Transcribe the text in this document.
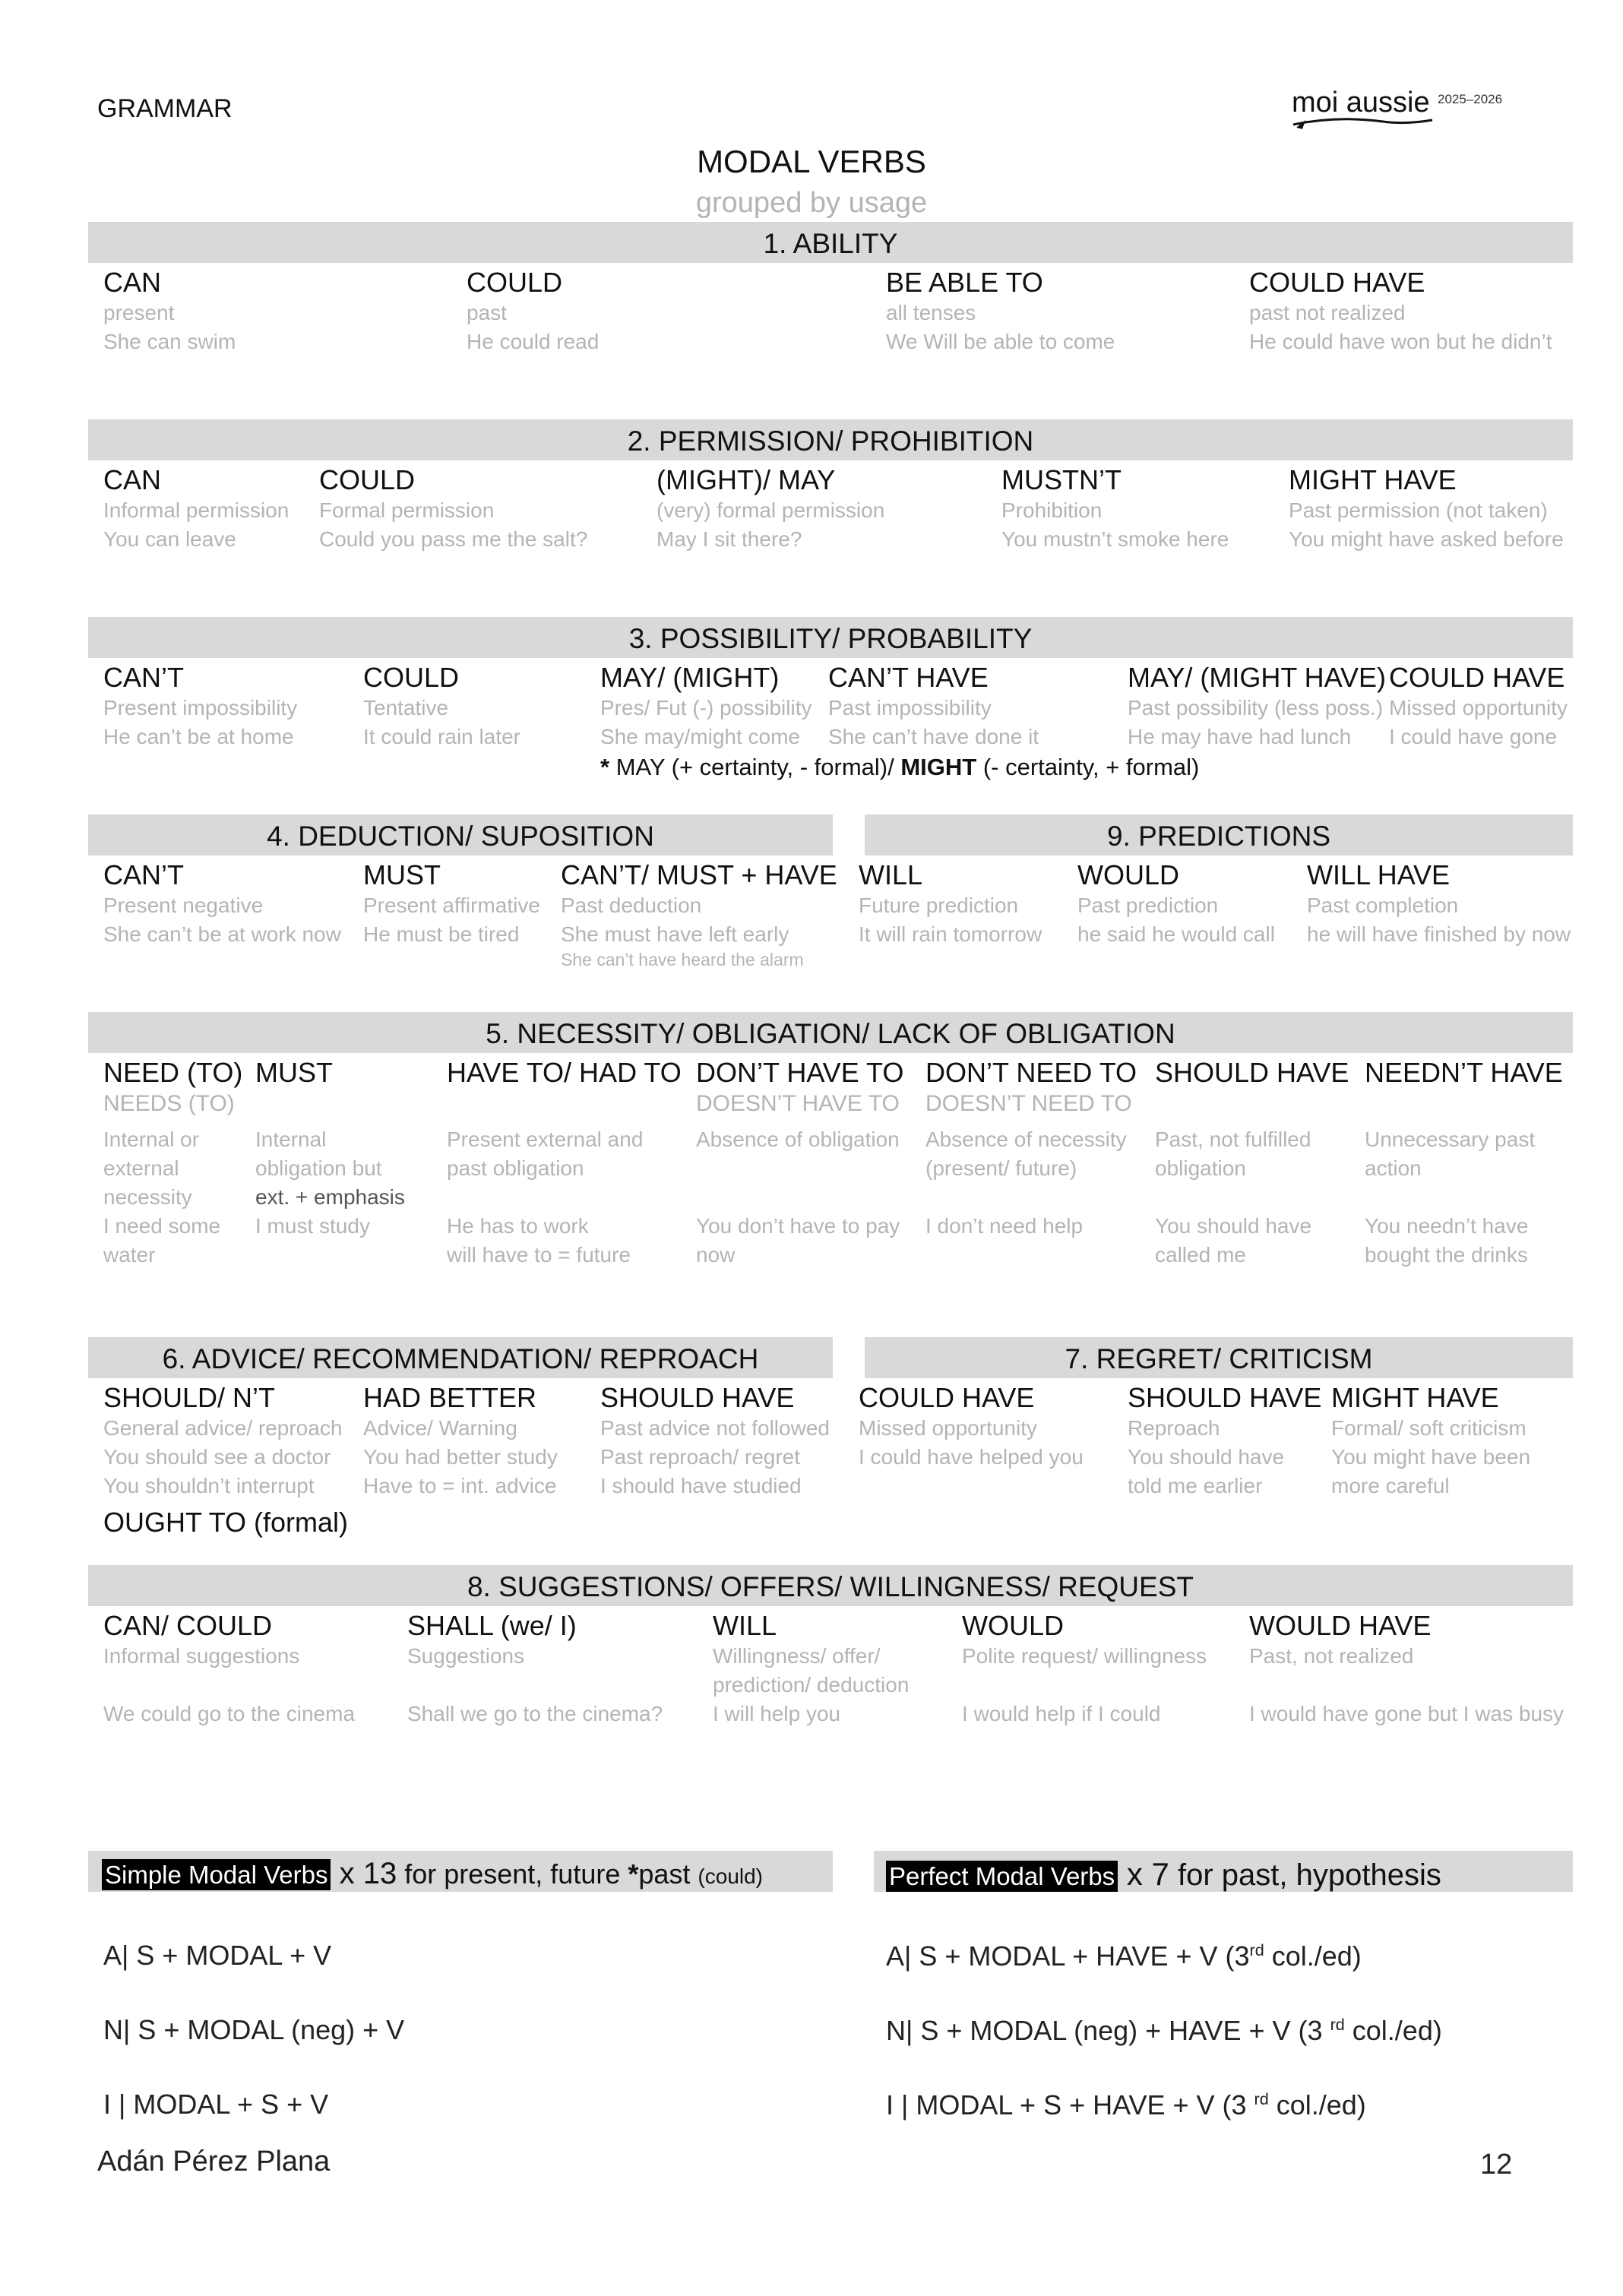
GRAMMAR	moi aussie 2025–2026
MODAL VERBS
grouped by usage
1. ABILITY
CAN
present
She can swim
COULD
past
He could read
BE ABLE TO
all tenses
We Will be able to come
COULD HAVE
past not realized
He could have won but he didn’t
2. PERMISSION/ PROHIBITION
CAN
Informal permission
You can leave
COULD
Formal permission
Could you pass me the salt?
(MIGHT)/ MAY
(very) formal permission
May I sit there?
MUSTN’T
Prohibition
You mustn’t smoke here
MIGHT HAVE
Past permission (not taken)
You might have asked before
3. POSSIBILITY/ PROBABILITY
CAN’T
Present impossibility
He can’t be at home
COULD
Tentative
It could rain later
MAY/ (MIGHT)
Pres/ Fut (-) possibility
She may/might come
CAN’T HAVE
Past impossibility
She can’t have done it
MAY/ (MIGHT HAVE)
Past possibility (less poss.)
He may have had lunch
COULD HAVE
Missed opportunity
I could have gone
* MAY (+ certainty, - formal)/ MIGHT (- certainty, + formal)
4. DEDUCTION/ SUPOSITION
CAN’T
Present negative
She can’t be at work now
MUST
Present affirmative
He must be tired
CAN’T/ MUST + HAVE
Past deduction
She must have left early
She can’t have heard the alarm
9. PREDICTIONS
WILL
Future prediction
It will rain tomorrow
WOULD
Past prediction
he said he would call
WILL HAVE
Past completion
he will have finished by now
5. NECESSITY/ OBLIGATION/ LACK OF OBLIGATION
NEED (TO)
NEEDS (TO)
Internal or
external
necessity
I need some
water
MUST
Internal
obligation but
ext. + emphasis
I must study
HAVE TO/ HAD TO
Present external and
past obligation
He has to work
will have to = future
DON’T HAVE TO
DOESN’T HAVE TO
Absence of obligation
You don’t have to pay
now
DON’T NEED TO
DOESN’T NEED TO
Absence of necessity
(present/ future)
I don’t need help
SHOULD HAVE
Past, not fulfilled
obligation
You should have
called me
NEEDN’T HAVE
Unnecessary past
action
You needn’t have
bought the drinks
6. ADVICE/ RECOMMENDATION/ REPROACH
SHOULD/ N’T
General advice/ reproach
You should see a doctor
You shouldn’t interrupt
HAD BETTER
Advice/ Warning
You had better study
Have to = int. advice
SHOULD HAVE
Past advice not followed
Past reproach/ regret
I should have studied
OUGHT TO (formal)
7. REGRET/ CRITICISM
COULD HAVE
Missed opportunity
I could have helped you
SHOULD HAVE
Reproach
You should have
told me earlier
MIGHT HAVE
Formal/ soft criticism
You might have been
more careful
8. SUGGESTIONS/ OFFERS/ WILLINGNESS/ REQUEST
CAN/ COULD
Informal suggestions
We could go to the cinema
SHALL (we/ I)
Suggestions
Shall we go to the cinema?
WILL
Willingness/ offer/
prediction/ deduction
I will help you
WOULD
Polite request/ willingness
I would help if I could
WOULD HAVE
Past, not realized
I would have gone but I was busy
Simple Modal Verbs x 13 for present, future *past (could)
A| S + MODAL + V
N| S + MODAL (neg) + V
I | MODAL + S + V
Perfect Modal Verbs x 7 for past, hypothesis
A| S + MODAL + HAVE + V (3rd col./ed)
N| S + MODAL (neg) + HAVE + V (3 $^{rd}$ col./ed)
I | MODAL + S + HAVE + V (3 $^{rd}$ col./ed)
Adán Pérez Plana	12
